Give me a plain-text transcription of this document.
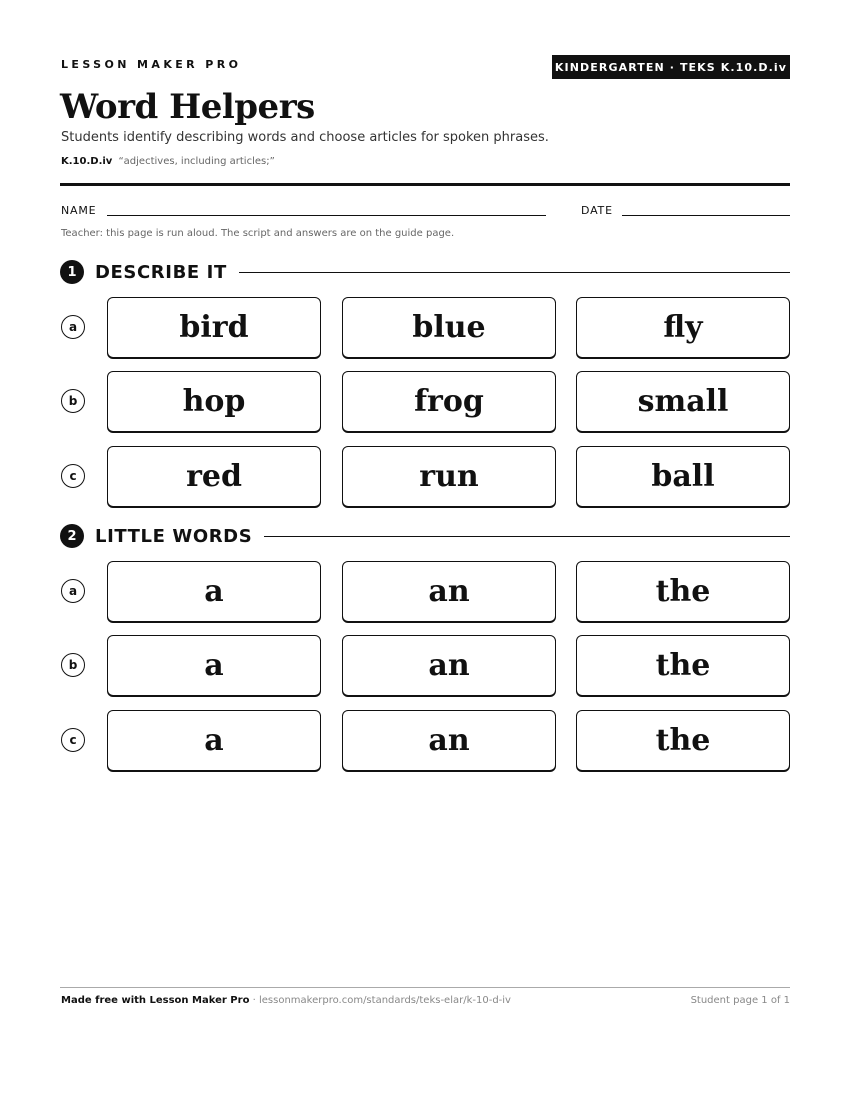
LESSON MAKER PRO	KINDERGARTEN · TEKS K.10.D.iv
Word Helpers
Students identify describing words and choose articles for spoken phrases.
K.10.D.iv “adjectives, including articles;”
NAME	DATE
Teacher: this page is run aloud. The script and answers are on the guide page.
1	DESCRIBE IT
a	bird	blue	fly
b	hop	frog	small
c	red	run	ball
2	LITTLE WORDS
a	a	an	the
b	a	an	the
c	a	an	the
Made free with Lesson Maker Pro · lessonmakerpro.com/standards/teks-elar/k-10-d-iv	Student page 1 of 1
